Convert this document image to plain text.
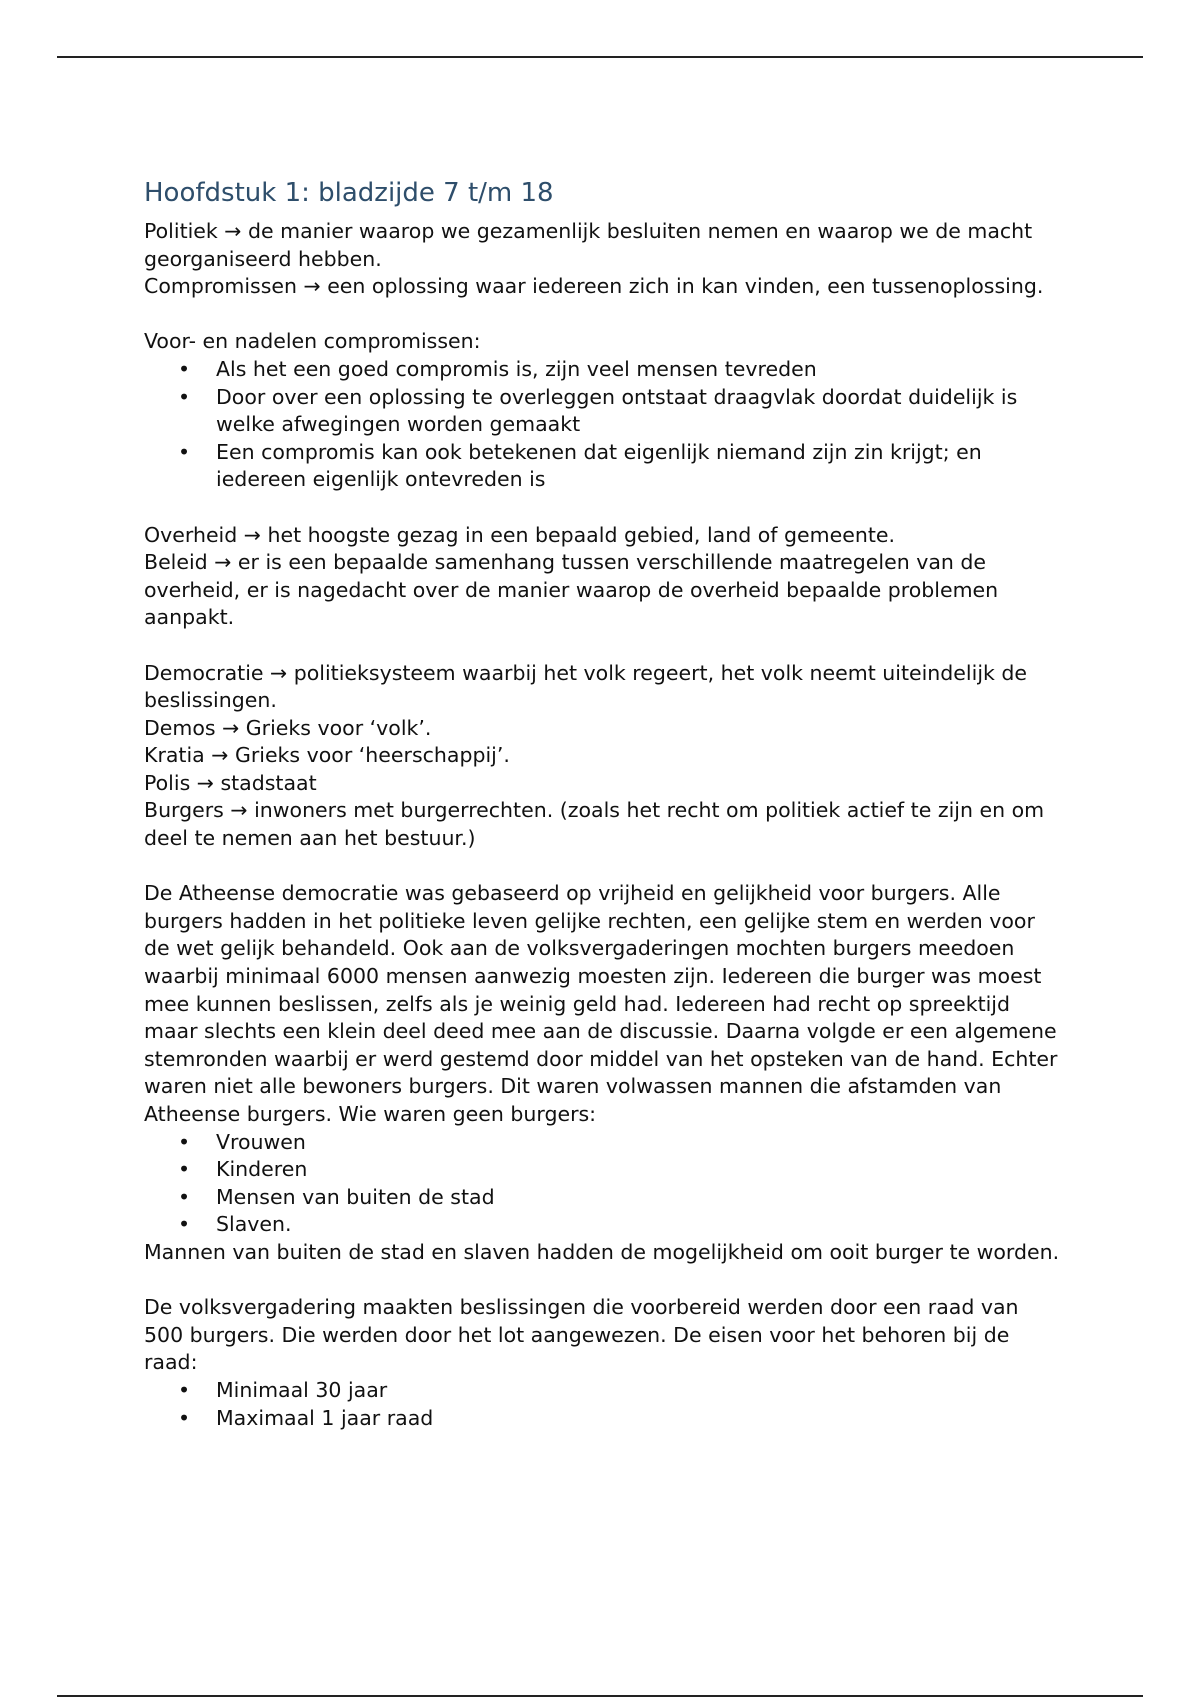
Hoofdstuk 1: bladzijde 7 t/m 18

Politiek → de manier waarop we gezamenlijk besluiten nemen en waarop we de macht georganiseerd hebben.

Compromissen → een oplossing waar iedereen zich in kan vinden, een tussenoplossing.

Voor- en nadelen compromissen:

• Als het een goed compromis is, zijn veel mensen tevreden
• Door over een oplossing te overleggen ontstaat draagvlak doordat duidelijk is welke afwegingen worden gemaakt
• Een compromis kan ook betekenen dat eigenlijk niemand zijn zin krijgt; en iedereen eigenlijk ontevreden is

Overheid → het hoogste gezag in een bepaald gebied, land of gemeente.

Beleid → er is een bepaalde samenhang tussen verschillende maatregelen van de overheid, er is nagedacht over de manier waarop de overheid bepaalde problemen aanpakt.

Democratie → politieksysteem waarbij het volk regeert, het volk neemt uiteindelijk de beslissingen.

Demos → Grieks voor ‘volk’.

Kratia → Grieks voor ‘heerschappij’.

Polis → stadstaat

Burgers → inwoners met burgerrechten. (zoals het recht om politiek actief te zijn en om deel te nemen aan het bestuur.)

De Atheense democratie was gebaseerd op vrijheid en gelijkheid voor burgers. Alle burgers hadden in het politieke leven gelijke rechten, een gelijke stem en werden voor de wet gelijk behandeld. Ook aan de volksvergaderingen mochten burgers meedoen waarbij minimaal 6000 mensen aanwezig moesten zijn. Iedereen die burger was moest mee kunnen beslissen, zelfs als je weinig geld had. Iedereen had recht op spreektijd maar slechts een klein deel deed mee aan de discussie. Daarna volgde er een algemene stemronden waarbij er werd gestemd door middel van het opsteken van de hand. Echter waren niet alle bewoners burgers. Dit waren volwassen mannen die afstamden van Atheense burgers. Wie waren geen burgers:

• Vrouwen
• Kinderen
• Mensen van buiten de stad
• Slaven.

Mannen van buiten de stad en slaven hadden de mogelijkheid om ooit burger te worden.

De volksvergadering maakten beslissingen die voorbereid werden door een raad van 500 burgers. Die werden door het lot aangewezen. De eisen voor het behoren bij de raad:

• Minimaal 30 jaar
• Maximaal 1 jaar raad
